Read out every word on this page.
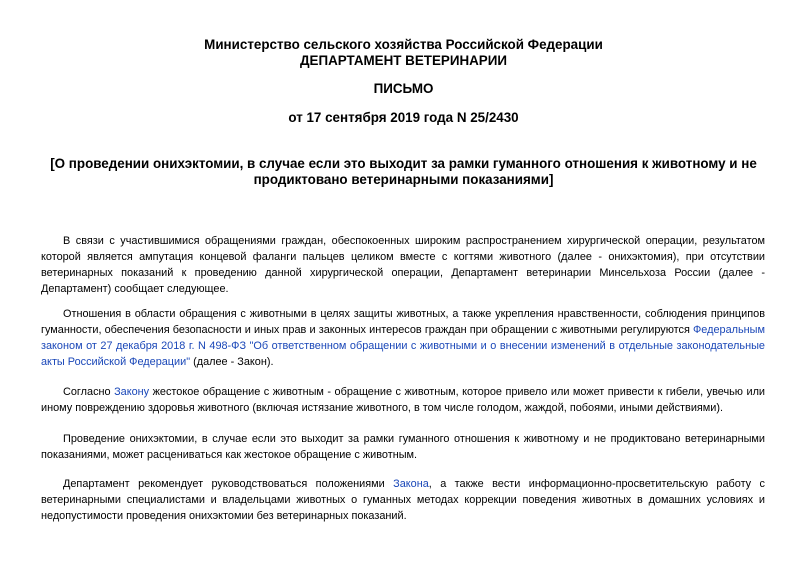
Министерство сельского хозяйства Российской Федерации
ДЕПАРТАМЕНТ ВЕТЕРИНАРИИ
ПИСЬМО
от 17 сентября 2019 года N 25/2430
[О проведении онихэктомии, в случае если это выходит за рамки гуманного отношения к животному и не продиктовано ветеринарными показаниями]

В связи с участившимися обращениями граждан, обеспокоенных широким распространением хирургической операции, результатом которой является ампутация концевой фаланги пальцев целиком вместе с когтями животного (далее - онихэктомия), при отсутствии ветеринарных показаний к проведению данной хирургической операции, Департамент ветеринарии Минсельхоза России (далее - Департамент) сообщает следующее.

Отношения в области обращения с животными в целях защиты животных, а также укрепления нравственности, соблюдения принципов гуманности, обеспечения безопасности и иных прав и законных интересов граждан при обращении с животными регулируются Федеральным законом от 27 декабря 2018 г. N 498-ФЗ "Об ответственном обращении с животными и о внесении изменений в отдельные законодательные акты Российской Федерации" (далее - Закон).

Согласно Закону жестокое обращение с животным - обращение с животным, которое привело или может привести к гибели, увечью или иному повреждению здоровья животного (включая истязание животного, в том числе голодом, жаждой, побоями, иными действиями).

Проведение онихэктомии, в случае если это выходит за рамки гуманного отношения к животному и не продиктовано ветеринарными показаниями, может расцениваться как жестокое обращение с животным.

Департамент рекомендует руководствоваться положениями Закона, а также вести информационно-просветительскую работу с ветеринарными специалистами и владельцами животных о гуманных методах коррекции поведения животных в домашних условиях и недопустимости проведения онихэктомии без ветеринарных показаний.
